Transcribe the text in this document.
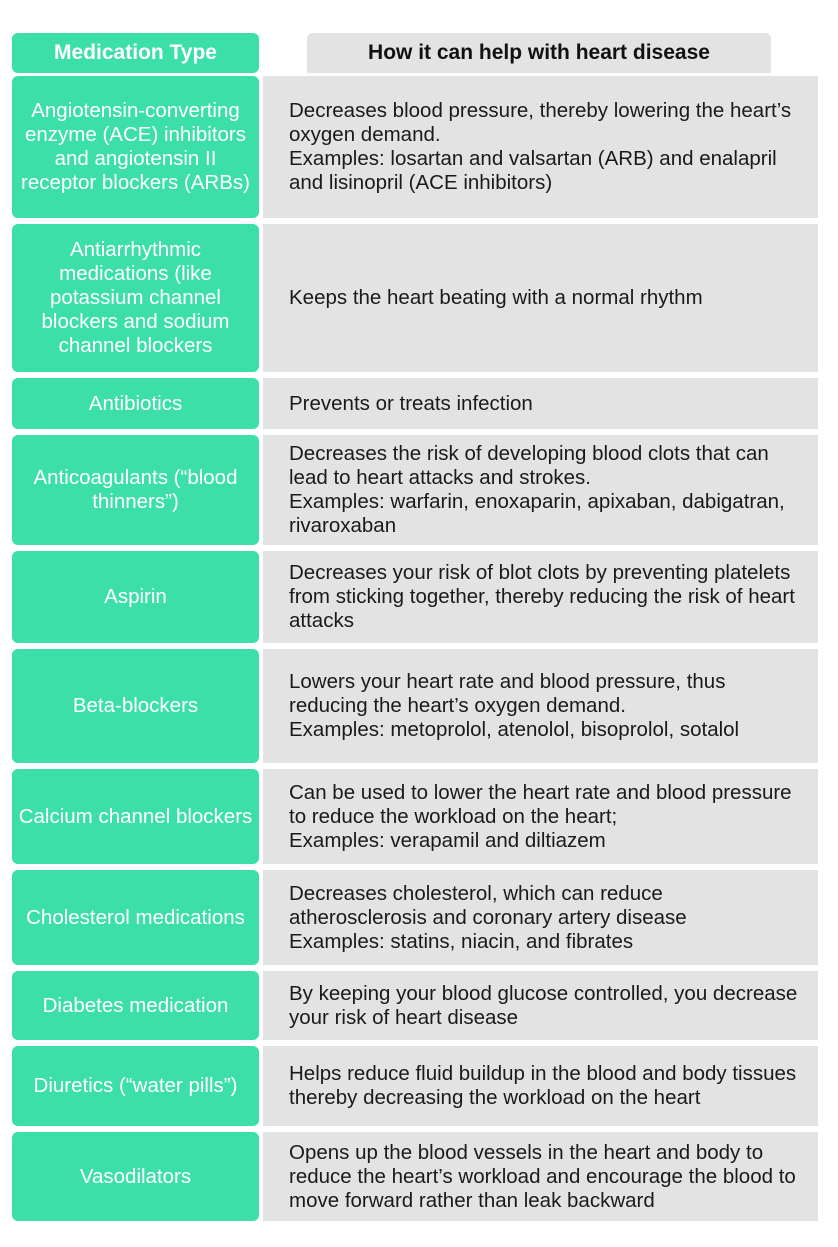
Medication Type	How it can help with heart disease
Angiotensin-converting enzyme (ACE) inhibitors and angiotensin II receptor blockers (ARBs)
Decreases blood pressure, thereby lowering the heart’s oxygen demand.
Examples: losartan and valsartan (ARB) and enalapril and lisinopril (ACE inhibitors)
Antiarrhythmic medications (like potassium channel blockers and sodium channel blockers
Keeps the heart beating with a normal rhythm
Antibiotics	Prevents or treats infection
Anticoagulants (“blood thinners”)
Decreases the risk of developing blood clots that can lead to heart attacks and strokes.
Examples: warfarin, enoxaparin, apixaban, dabigatran, rivaroxaban
Aspirin
Decreases your risk of blot clots by preventing platelets from sticking together, thereby reducing the risk of heart attacks
Beta-blockers
Lowers your heart rate and blood pressure, thus reducing the heart’s oxygen demand.
Examples: metoprolol, atenolol, bisoprolol, sotalol
Calcium channel blockers
Can be used to lower the heart rate and blood pressure to reduce the workload on the heart;
Examples: verapamil and diltiazem
Cholesterol medications
Decreases cholesterol, which can reduce atherosclerosis and coronary artery disease
Examples: statins, niacin, and fibrates
Diabetes medication
By keeping your blood glucose controlled, you decrease your risk of heart disease
Diuretics (“water pills”)
Helps reduce fluid buildup in the blood and body tissues thereby decreasing the workload on the heart
Vasodilators
Opens up the blood vessels in the heart and body to reduce the heart’s workload and encourage the blood to move forward rather than leak backward
